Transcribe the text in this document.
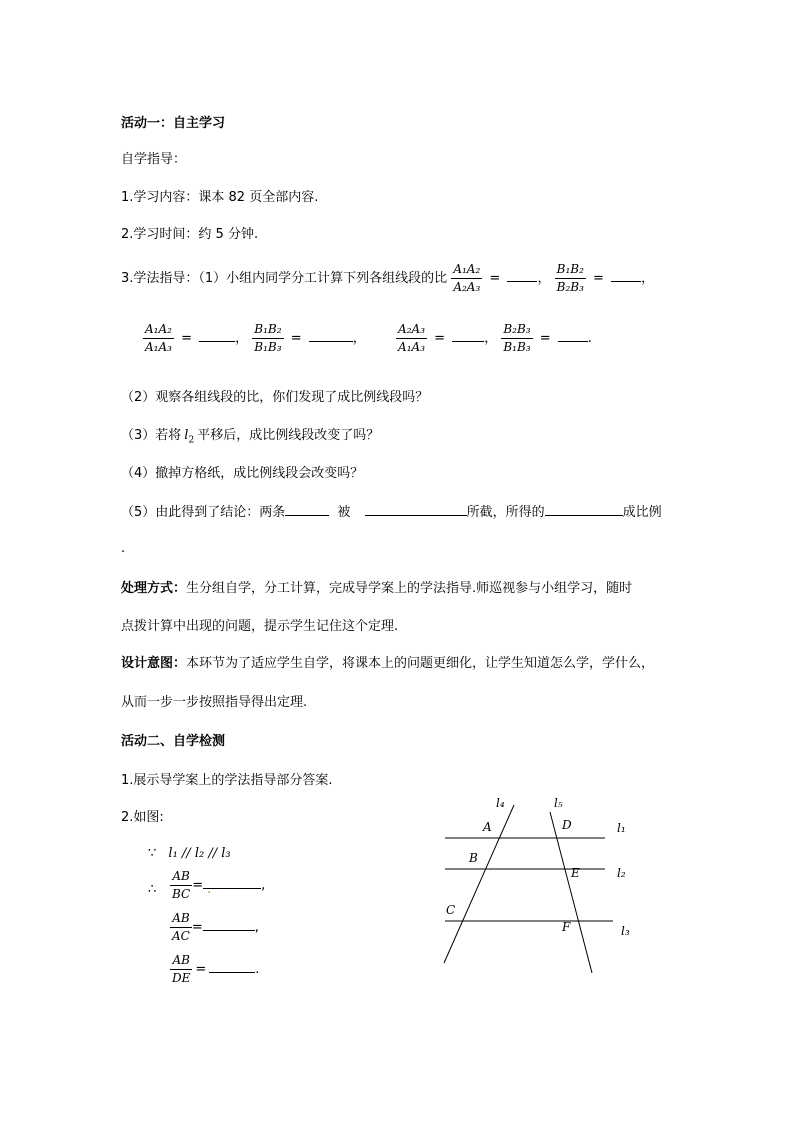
活动一：自主学习
自学指导：
1.学习内容：课本 82 页全部内容.
2.学习时间：约 5 分钟.
3.学法指导：（1）小组内同学分工计算下列各组线段的比 $\frac{\text{A₁A₂}}{\text{A₂A₃}}$ =	， $\frac{\text{B₁B₂}}{\text{B₂B₃}}$ =	，
$\frac{\text{A₁A₂}}{\text{A₁A₃}}$ =	， $\frac{\text{B₁B₂}}{\text{B₁B₃}}$ =	，	$\frac{\text{A₂A₃}}{\text{A₁A₃}}$ =	， $\frac{\text{B₂B₃}}{\text{B₁B₃}}$ =	.
（2）观察各组线段的比，你们发现了成比例线段吗？
（3）若将 $l_2$ 平移后，成比例线段改变了吗？
（4）撤掉方格纸，成比例线段会改变吗？
（5）由此得到了结论：两条	被	所截，所得的	成比例
.
处理方式：生分组自学，分工计算，完成导学案上的学法指导.师巡视参与小组学习，随时
点拨计算中出现的问题，提示学生记住这个定理.
设计意图：本环节为了适应学生自学，将课本上的问题更细化，让学生知道怎么学，学什么，
从而一步一步按照指导得出定理.
活动二、自学检测
1.展示导学案上的学法指导部分答案.
2.如图:
∵ l₁ // l₂ // l₃
∴ $\frac{AB}{BC}$ = .	,
$\frac{AB}{AC}$ =	,
$\frac{AB}{DE}$ =	.
l₄	l₅
l₁
l₂
l₃
A	D
B
E
C
F
